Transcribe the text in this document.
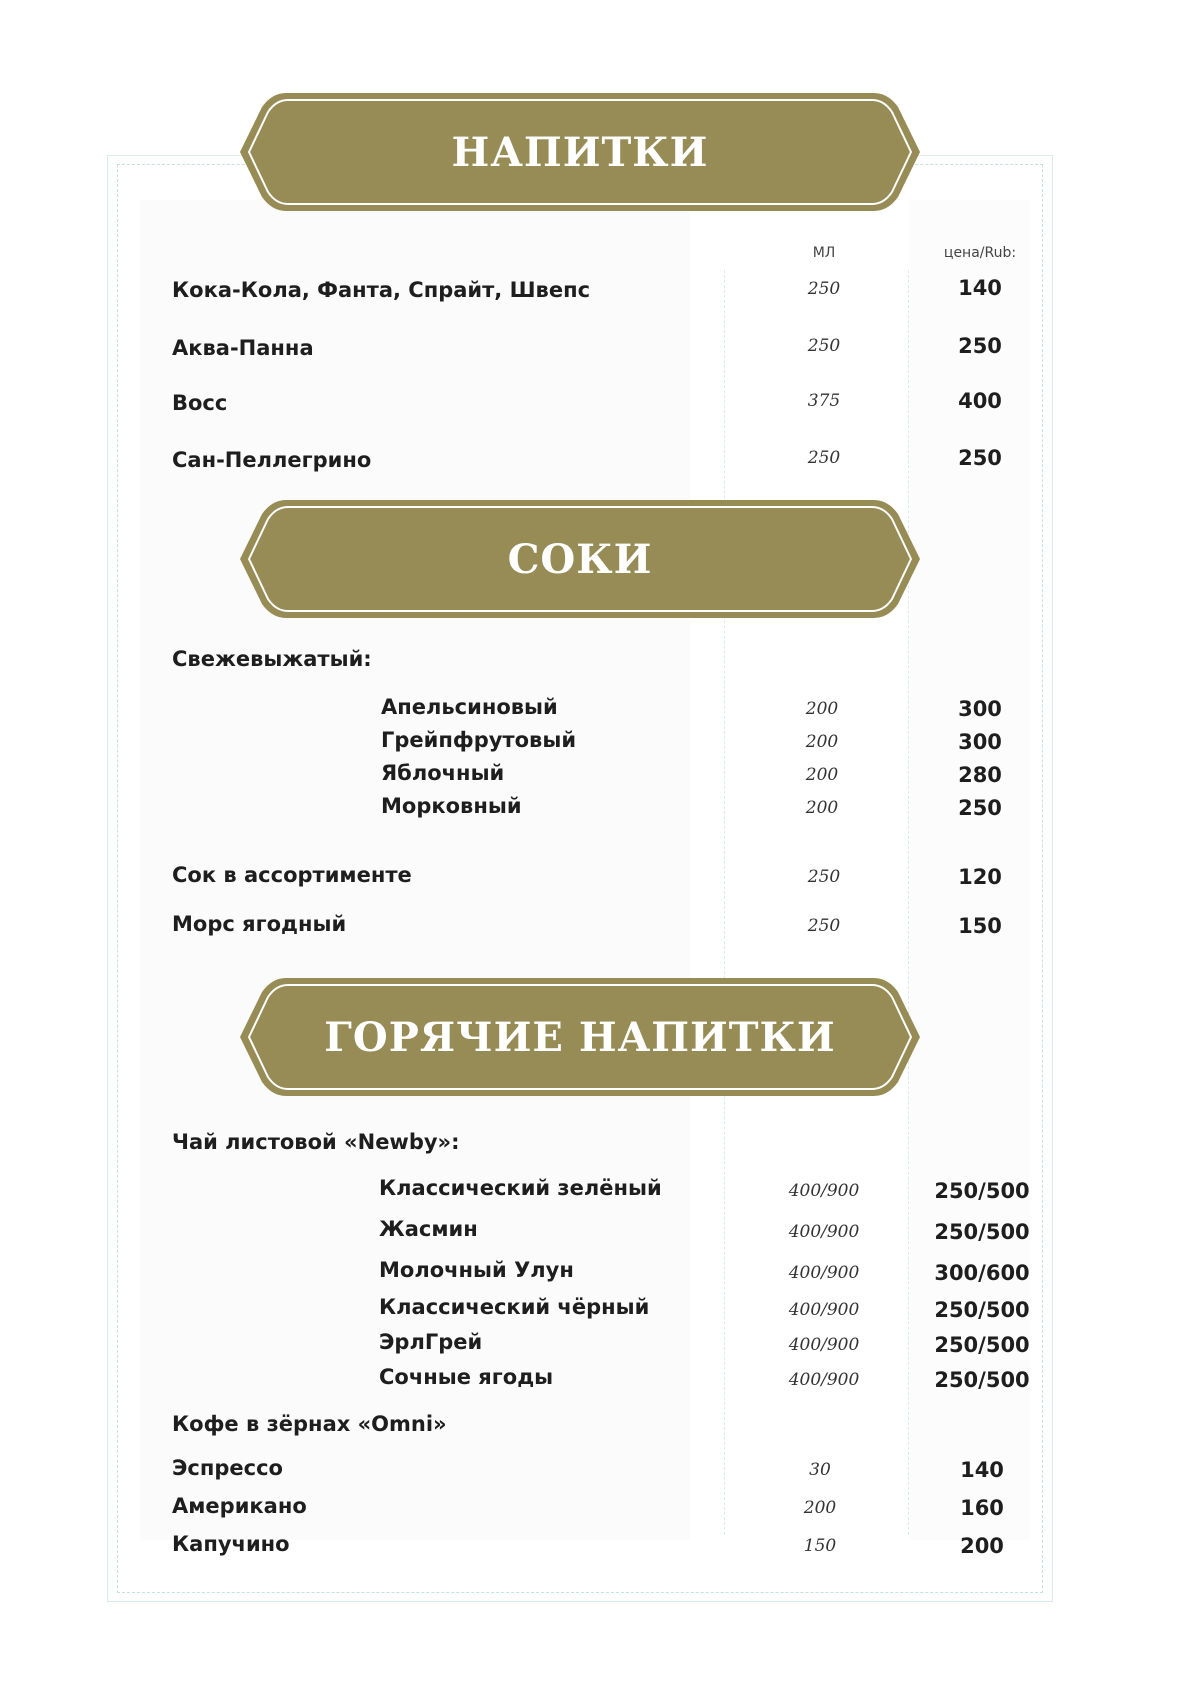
НАПИТКИ
СОКИ
ГОРЯЧИЕ НАПИТКИ
МЛ	цена/Rub:
Кока-Кола, Фанта, Спрайт, Швепс	250	140
Аква-Панна	250	250
Восс	375	400
Сан-Пеллегрино	250	250
Свежевыжатый:
Апельсиновый	200	300
Грейпфрутовый	200	300
Яблочный	200	280
Морковный	200	250
Сок в ассортименте	250	120
Морс ягодный	250	150
Чай листовой «Newby»:
Классический зелёный	400/900	250/500
Жасмин	400/900	250/500
Молочный Улун	400/900	300/600
Классический чёрный	400/900	250/500
ЭрлГрей	400/900	250/500
Сочные ягоды	400/900	250/500
Кофе в зёрнах «Omni»
Эспрессо	30	140
Американо	200	160
Капучино	150	200
